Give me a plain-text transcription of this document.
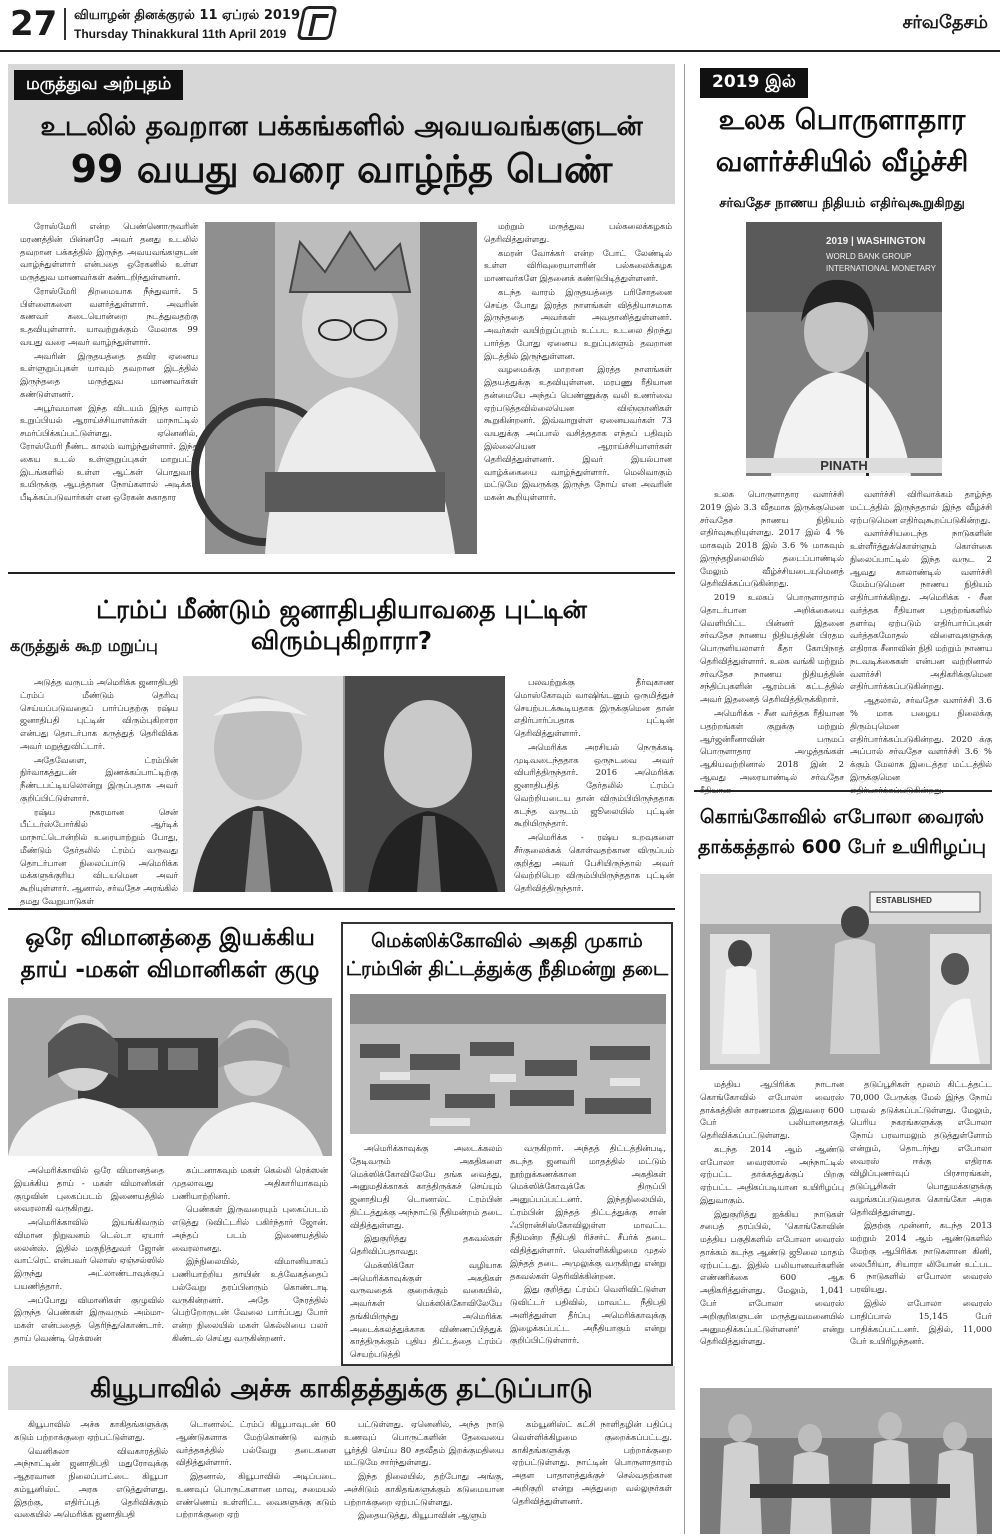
27 வியாழன் தினக்குரல் 11 ஏப்ரல் 2019
Thursday Thinakkural 11th April 2019
சர்வதேசம்
மருத்துவ அற்புதம்
உடலில் தவறான பக்கங்களில் அவயவங்களுடன்
99 வயது வரை வாழ்ந்த பெண்

ரோஸ்மேரி என்ற பெண்ணொருவரின் மரணத்தின் பின்னரே அவர் தனது உடலில் தவறான பக்கத்தில் இருந்த அவயவங்களுடன் வாழ்ந்துள்ளார் என்பதை ஒரேகனில் உள்ள மருத்துவ மாணவர்கள் கண்டறிந்துள்ளனர்.

ரோஸ்மேரி திறமையாக நீந்துவார். 5 பிள்ளைகளை வளர்த்துள்ளார். அவரின் கணவர் கடையொன்றை நடத்துவதற்கு உதவியுள்ளார். யாவற்றுக்கும் மேலாக 99 வயது வரை அவர் வாழ்ந்துள்ளார்.

அவரின் இருதயத்தை தவிர ஏனைய உள்ளுறுப்புகள் யாவும் தவறான இடத்தில் இருந்ததை மருத்துவ மாணவர்கள் கண்டுள்ளனர்.

அபூர்வமான இந்த விடயம் இந்த வாரம் உறுப்பியல் ஆராய்ச்சியாளர்கள் மாநாட்டில் சமர்ப்பிக்கப்பட்டுள்ளது. ஏனெனில், ரோஸ்மேரி நீண்ட காலம் வாழ்ந்துள்ளார். இந்த கைய உடல் உள்ளுறுப்புகள் மாறுபட்ட இடங்களில் உள்ள ஆட்கள் பொதுவாக உயிருக்கு ஆபத்தான நோய்களால் அடிக்கடி பீடிக்கப்படுவார்கள் என ஒரேகன் சுகாதார

மற்றும் மருத்துவ பல்கலைக்கழகம் தெரிவித்துள்ளது.

கமரன் வோக்கர் என்ற போட் லேண்டில் உள்ள விரிவுரையாளரின் பல்கலைக்கழக மாணவர்களே இதனைக் கண்டுபிடித்துள்ளனர்.

கடந்த வாரம் இருதயத்தை பரிசோதனை செய்த போது இரத்த நாளங்கள் வித்தியாசமாக இருந்ததை அவர்கள் அவதானித்துள்ளனர். அவர்கள் வயிற்றுப்புறம் உட்பட உடலை திறந்து பார்த்த போது ஏனைய உறுப்புகளும் தவறான இடத்தில் இருந்துள்ளன.

வழமைக்கு மாறான இரத்த நாளங்கள் இதயத்துக்கு உதவியுள்ளன. மரபணு ரீதியான தன்மையே அந்தப் பெண்ணுக்கு வலி உணர்வை ஏற்படுத்தவில்லையென விஞ்ஞானிகள் கூறுகின்றனர். இவ்வாறுள்ள ஏனையவர்கள் 73 வயதுக்கு அப்பால் வசித்ததாக எந்தப் பதிவும் இல்லையென ஆராய்ச்சியாளர்கள் தெரிவித்துள்ளனர். இவர் இயல்பான வாழ்க்கையை வாழ்ந்துள்ளார். மெலிவாகும் மட்டுமே இவருக்கு இருந்த நோய் என அவரின் மகன் கூறியுள்ளார்.

ட்ரம்ப் மீண்டும் ஜனாதிபதியாவதை புட்டின் விரும்புகிறாரா?
கருத்துக் கூற மறுப்பு

அடுத்த வருடம் அமெரிக்க ஜனாதிபதி ட்ரம்ப் மீண்டும் தெரிவு செய்யப்படுவதைப் பார்ப்பதற்கு ரஷ்ய ஜனாதிபதி புட்டின் விரும்புகிறாரா என்பது தொடர்பாக கருத்துத் தெரிவிக்க அவர் மறுத்துவிட்டார்.

அதேவேளை, ட்ரம்பின் நிர்வாகத்துடன் இணக்கப்பாட்டிற்கு நீண்டபட்டியலொன்று இருப்பதாக அவர் குறிப்பிட்டுள்ளார்.

ரஷ்ய நகரமான சென் பீட்டர்ஸ்போர்கில் ஆர்டிக் மாநாட்டொன்றில் உரையாற்றும் போது, மீண்டும் தேர்தலில் ட்ரம்ப் வருவது தொடர்பான நிலைப்பாடு அமெரிக்க மக்களுக்குரிய விடயமென அவர் கூறியுள்ளார். ஆனால், சர்வதேச அரங்கில் தமது வேறுபாடுகள்

பலவற்றுக்கு தீர்வுகாண மொஸ்கோவும் வாஷிங்டனும் ஒருமித்துச் செயற்படக்கூடியதாக இருக்குமென தான் எதிர்பார்ப்பதாக புட்டின் தெரிவித்துள்ளார்.

அமெரிக்க அரசியல் நெருக்கடி முடிவடைந்ததாக ஒருநடவை அவர் விபரித்திருந்தார். 2016 அமெரிக்க ஜனாதிபதித் தேர்தலில் ட்ரம்ப் வெற்றியடைய தான் விரும்பியிருந்ததாக கடந்த வருடம் ஜூலையில் புட்டின் கூறியிருந்தார்.

அமெரிக்க - ரஷ்ய உறவுகளை சீர்குலைக்கக் கொள்வதற்கான விருப்பம் குறித்து அவர் பேசியிருந்தால் அவர் வெற்றிபெற விரும்பியிருந்ததாக புட்டின் தெரிவித்திருந்தார்.

ஒரே விமானத்தை இயக்கிய
தாய் -மகள் விமானிகள் குழு

அமெரிக்காவில் ஒரே விமானத்தை இயக்கிய தாய் - மகள் விமானிகள் குழுவின் புகைப்படம் இணையத்தில் வைரலாகி வருகிறது.

அமெரிக்காவில் இயங்கிவரும் விமான நிறுவனம் டெல்டா ஏயார் லைன்ஸ். இதில் மகுநித்துவர் ஜோன் வாட்ரெட் என்பவர் லொஸ் ஏஞ்சல்ஸில் இருந்து அட்லாண்டாவுக்குப் பயணித்தார்.

அப்போது விமானிகள் குழுவில் இருந்த பெண்கள் இருவரும் அம்மா- மகள் என்பதைத் தெரிந்துகொண்டார். தாய் வெண்டி ரெக்ஸன்

கப்டனாகவும் மகள் கெல்லி ரெக்ஸன் முதலாவது அதிகாரியாகவும் பணியாற்றினர்.

பெண்கள் இருவரையும் புகைப்படம் எடுத்து டுவிட்டரில் பகிர்ந்தார் ஜோன். அந்தப் படம் இணையத்தில் வைரலானது.

இந்நிலையில், விமானியாகப் பணியாற்றிய தாயின் உத்வேகத்தைப் பல்வேறு தரப்பினரும் கொண்டாடி வருகின்றனர். அதே நேரத்தில் பெற்றோருடன் வேலை பார்ப்பது போர் என்ற நிலையில் மகள் கெல்லியை பலர் கிண்டல் செய்து வருகின்றனர்.

மெக்ஸிக்கோவில் அகதி முகாம்
ட்ரம்பின் திட்டத்துக்கு நீதிமன்று தடை

அமெரிக்காவுக்கு அடைக்கலம் தேடிவரும் அகதிகளை மெக்ஸிக்கோவிலேயே தங்க வைத்து, அனுமதிக்காகக் காத்திருக்கச் செய்யும் ஜனாதிபதி டொனால்ட் ட்ரம்பின் திட்டத்துக்கு அந்நாட்டு நீதிமன்றம் தடை விதித்துள்ளது.

இதுகுறித்து தகவல்கள் தெரிவிப்பதாவது:

மெக்ஸிக்கோ வழியாக அமெரிக்காவுக்குள் அகதிகள் வருவதைக் குறைக்கும் வகையில், அவர்கள் மெக்ஸிக்கோவிலேயே தங்கியிருந்து அமெரிக்க அடைக்கலத்துக்காக விண்ணப்பித்துக் காத்திருக்கும் புதிய திட்டத்தை ட்ரம்ப் செயற்படுத்தி

வருகிறார். அந்தத் திட்டத்தின்படி, கடந்த ஜனவரி மாதத்தில் மட்டும் நூற்றுக்கணக்கான அகதிகள் மெக்ஸிக்கோவுக்கே திருப்பி அனுப்பப்பட்டனர். இந்தநிலையில், ட்ரம்பின் இந்தத் திட்டத்துக்கு சான் ஃபிரான்சிஸ்கோவிலுள்ள மாவட்ட நீதிமன்ற நீதிபதி ரிச்சர்ட் சீபர்க் தடை விதித்துள்ளார். வெள்ளிக்கிழமை முதல் இந்தத் தடை அமுலுக்கு வருகிறது என்று தகவல்கள் தெரிவிக்கின்றன.

இது குறித்து ட்ரம்ப் வெளிவிட்டுள்ள டுவிட்டர் பதிவில், மாவட்ட நீதிபதி அளித்துள்ள தீர்ப்பு அமெரிக்காவுக்கு இழைக்கப்பட்ட அநீதியாகும் என்று குறிப்பிட்டுள்ளார்.

கியூபாவில் அச்சு காகிதத்துக்கு தட்டுப்பாடு

கியூபாவில் அச்சு காகிதங்களுக்கு கடும் பற்றாக்குறை ஏற்பட்டுள்ளது.

வெனிசுலா விவகாரத்தில் அந்நாட்டின் ஜனாதிபதி மதுரோவுக்கு ஆதரவான நிலைப்பாட்டை கியூபா கம்யூனிஸ்ட் அரசு எடுத்துள்ளது. இதற்கு, எதிர்ப்புத் தெரிவிக்கும் வகையில் அமெரிக்க ஜனாதிபதி

டொனால்ட் ட்ரம்ப் கியூபாவுடன் 60 ஆண்டுகளாக மேற்கொண்டு வரும் வர்த்தகத்தில் பல்வேறு தடைகளை விதித்துள்ளார்.

இதனால், கியூபாவில் அடிப்படை உணவுப் பொருட்களான மாவு, சமையல் எண்ணெய் உள்ளிட்ட வைகளுக்கு கடும் பற்றாக்குறை ஏற்

பட்டுள்ளது. ஏனெனில், அந்த நாடு உணவுப் பொருட்களின் தேவையை பூர்த்தி செய்ய 80 சதவீதம் இறக்குமதியை மட்டுமே சார்ந்துள்ளது.

இந்த நிலையில், தற்போது அங்கு, அச்சிடும் காகிதங்களுக்கும் கடுமையான பற்றாக்குறை ஏற்பட்டுள்ளது.

இதையடுத்து, கியூபாவின் ஆளும்

கம்யூனிஸ்ட் கட்சி நாளிதழின் பதிப்பு வெள்ளிக்கிழமை குறைக்கப்பட்டது. காகிதங்களுக்கு பற்றாக்குறை ஏற்பட்டுள்ளது. நாட்டின் பொருளாதாரம் அதள பாதாளத்துக்குச் செல்வதற்கான அறிகுறி என்று அத்துறை வல்லுநர்கள் தெரிவித்துள்ளனர்.

2019 இல்
உலக பொருளாதார
வளர்ச்சியில் வீழ்ச்சி
சர்வதேச நாணய நிதியம் எதிர்வுகூறுகிறது
2019 | WASHINGTON
WORLD BANK GROUP
INTERNATIONAL MONETARY
PINATH

உலக பொருளாதார வளர்ச்சி 2019 இல் 3.3 வீதமாக இருக்குமென சர்வதேச நாணய நிதியம் எதிர்வுகூறியுள்ளது. 2017 இல் 4 % மாகவும் 2018 இல் 3.6 % மாகவும் இருந்தநிலையில் தடைப்பாண்டில் மேலும் வீழ்ச்சியடையுமெனத் தெரிவிக்கப்படுகின்றது.

2019 உலகப் பொருளாதாரம் தொடர்பான அறிக்கையை வெளியிட்ட பின்னர் இதனை சர்வதேச நாணய நிதியத்தின் பிரதம பொருளியலாளர் கீதா கோபிநாத் தெரிவித்துள்ளார். உலக வங்கி மற்றும் சர்வதேச நாணய நிதியத்தின் சந்திப்புகளின் ஆரம்பக் கட்டத்தில் அவர் இதனைத் தெரிவித்திருக்கிறார்.

அமெரிக்க - சீன வர்த்தக ரீதியான பதற்றங்கள் குறுக்கு மற்றும் ஆர்ஜன்ரீனாவின் பருமப் பொருளாதார அழுத்தங்கள் ஆகியவற்றினால் 2018 இன் 2 ஆவது அரையாண்டில் சர்வதேச

வளர்ச்சி விரிவாக்கம் தாழ்ந்த மட்டத்தில் இருந்ததால் இந்த வீழ்ச்சி ஏற்படுமென எதிர்வுகூறப்படுகின்றது.

வளர்ச்சியடைந்த நாடுகளின் உள்ளீர்த்துக்கொள்ளும் கொள்கை நிலைப்பாட்டில் இந்த வருட 2 ஆவது காலாண்டில் வளர்ச்சி மேம்படுமென நாணய நிதியம் எதிர்பார்க்கிறது. அமெரிக்க - சீன வர்த்தக ரீதியான பதற்றங்களில் தளர்வு ஏற்படும் எதிர்பார்ப்புகள் வர்த்தகமோதல் விளைவுகளுக்கு எதிராக சீனாவின் நிதி மற்றும் நாணய நடவடிக்கைகள் என்பன வற்றினால் வளர்ச்சி அதிகரிக்குமென எதிர்பார்க்கப்படுகின்றது.

ஆதலால், சர்வதேச வளர்ச்சி 3.6 % மாக பழைய நிலைக்கு திரும்புமென எதிர்பார்க்கப்படுகின்றது. 2020 க்கு அப்பால் சர்வதேச வளர்ச்சி 3.6 % க்கும் மேலாக இடைத்தர மட்டத்தில் இருக்குமென

கொங்கோவில் எபோலா வைரஸ்
தாக்கத்தால் 600 பேர் உயிரிழப்பு
ESTABLISHED

மத்திய ஆபிரிக்க நாடான கொங்கோவில் எபோலா வைரஸ் தாக்கத்தின் காரணமாக இதுவரை 600 பேர் பலியானதாகத் தெரிவிக்கப்பட்டுள்ளது.

கடந்த 2014 ஆம் ஆண்டு எபோலா வைரஸால் அந்நாட்டில் ஏற்பட்ட தாக்கத்துக்குப் பிறகு ஏற்பட்ட அதிகப்படியான உயிரிழப்பு இதுவாகும்.

இதுகுறித்து ஐக்கிய நாடுகள் சபைத் தரப்பில், 'கொங்கோவின் மத்திய பகுதிகளில் எபோலா வைரஸ் தாக்கம் கடந்த ஆண்டு ஜூலை மாதம் ஏற்பட்டது. இதில் பலியானவர்களின் எண்ணிக்கை 600 ஆக அதிகரித்துள்ளது. மேலும், 1,041 பேர் எபோலா வைரஸ் அறிகுறிகளுடன் மருத்துவமனையில் அனுமதிக்கப்பட்டுள்ளனர்' என்று தெரிவித்துள்ளது.

தடுப்பூசிகள் மூலம் கிட்டத்தட்ட 70,000 பேருக்கு மேல் இந்த நோய் பரவல் தடுக்கப்பட்டுள்ளது. மேலும், பெரிய நகரங்களுக்கு எபோலா நோய் பரவாமலும் தடுத்துள்ளோம் என்றும், தொடர்ந்து எபோலா வைரஸ் ஈக்கு எதிராக விழிப்புணர்வுப் பிரசாரங்கள், தடுப்பூசிகள் பொதுமக்களுக்கு வழங்கப்படுவதாக கொங்கோ அரசு தெரிவித்துள்ளது.

இதற்கு முன்னர், கடந்த 2013 மற்றும் 2014 ஆம் ஆண்டுகளில் மேற்கு ஆபிரிக்க நாடுகளான கினி, லைபீரியா, சியாரா லியோன் உட்பட 6 நாடுகளில் எபோலா வைரஸ் பரவியது.

இதில் எபோலா வைரஸ் பாதிப்பால் 15,145 பேர் பாதிக்கப்பட்டனர். இதில், 11,000 பேர் உயிரிழந்தனர்.
